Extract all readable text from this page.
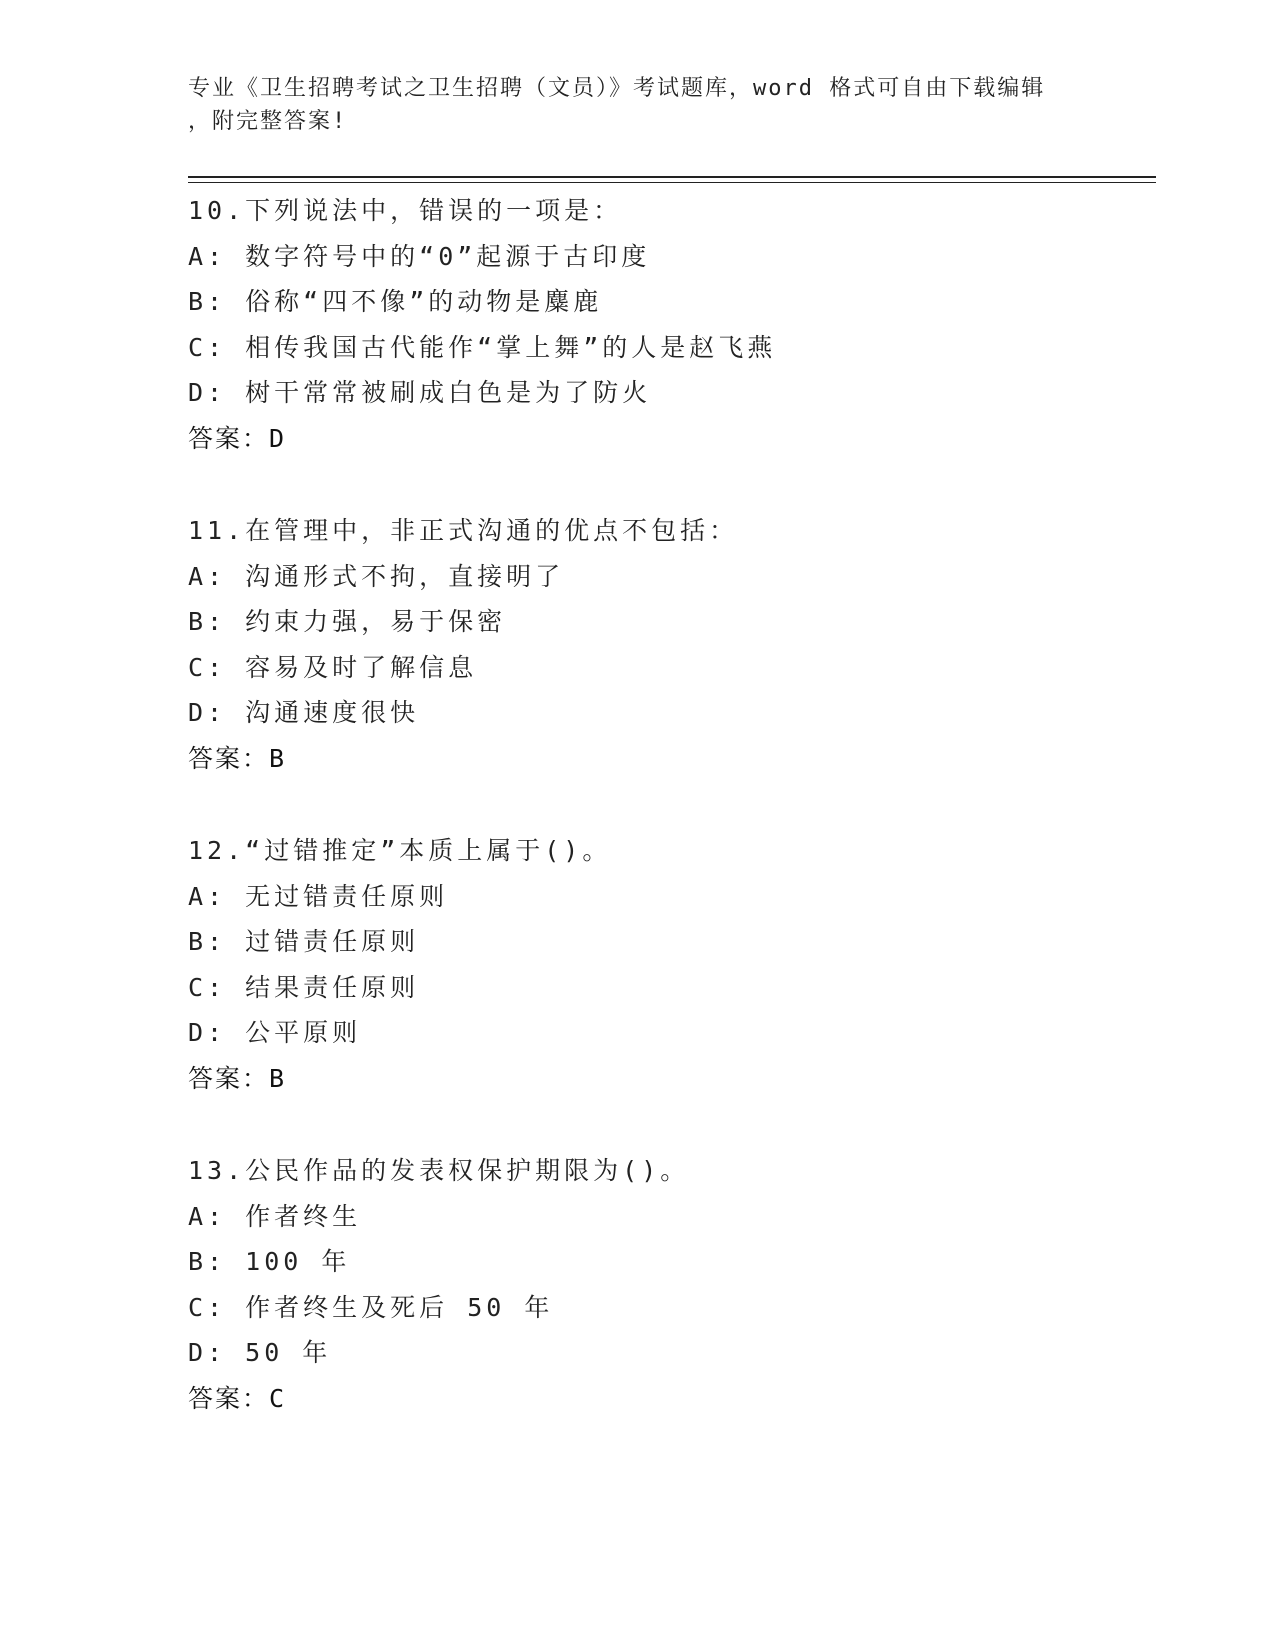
专业《卫生招聘考试之卫生招聘（文员）》考试题库，word 格式可自由下载编辑
，附完整答案!
10.下列说法中，错误的一项是：
A: 数字符号中的“0”起源于古印度
B: 俗称“四不像”的动物是麋鹿
C: 相传我国古代能作“掌上舞”的人是赵飞燕
D: 树干常常被刷成白色是为了防火
答案：D
11.在管理中，非正式沟通的优点不包括：
A: 沟通形式不拘，直接明了
B: 约束力强，易于保密
C: 容易及时了解信息
D: 沟通速度很快
答案：B
12.“过错推定”本质上属于()。
A: 无过错责任原则
B: 过错责任原则
C: 结果责任原则
D: 公平原则
答案：B
13.公民作品的发表权保护期限为()。
A: 作者终生
B: 100 年
C: 作者终生及死后 50 年
D: 50 年
答案：C
